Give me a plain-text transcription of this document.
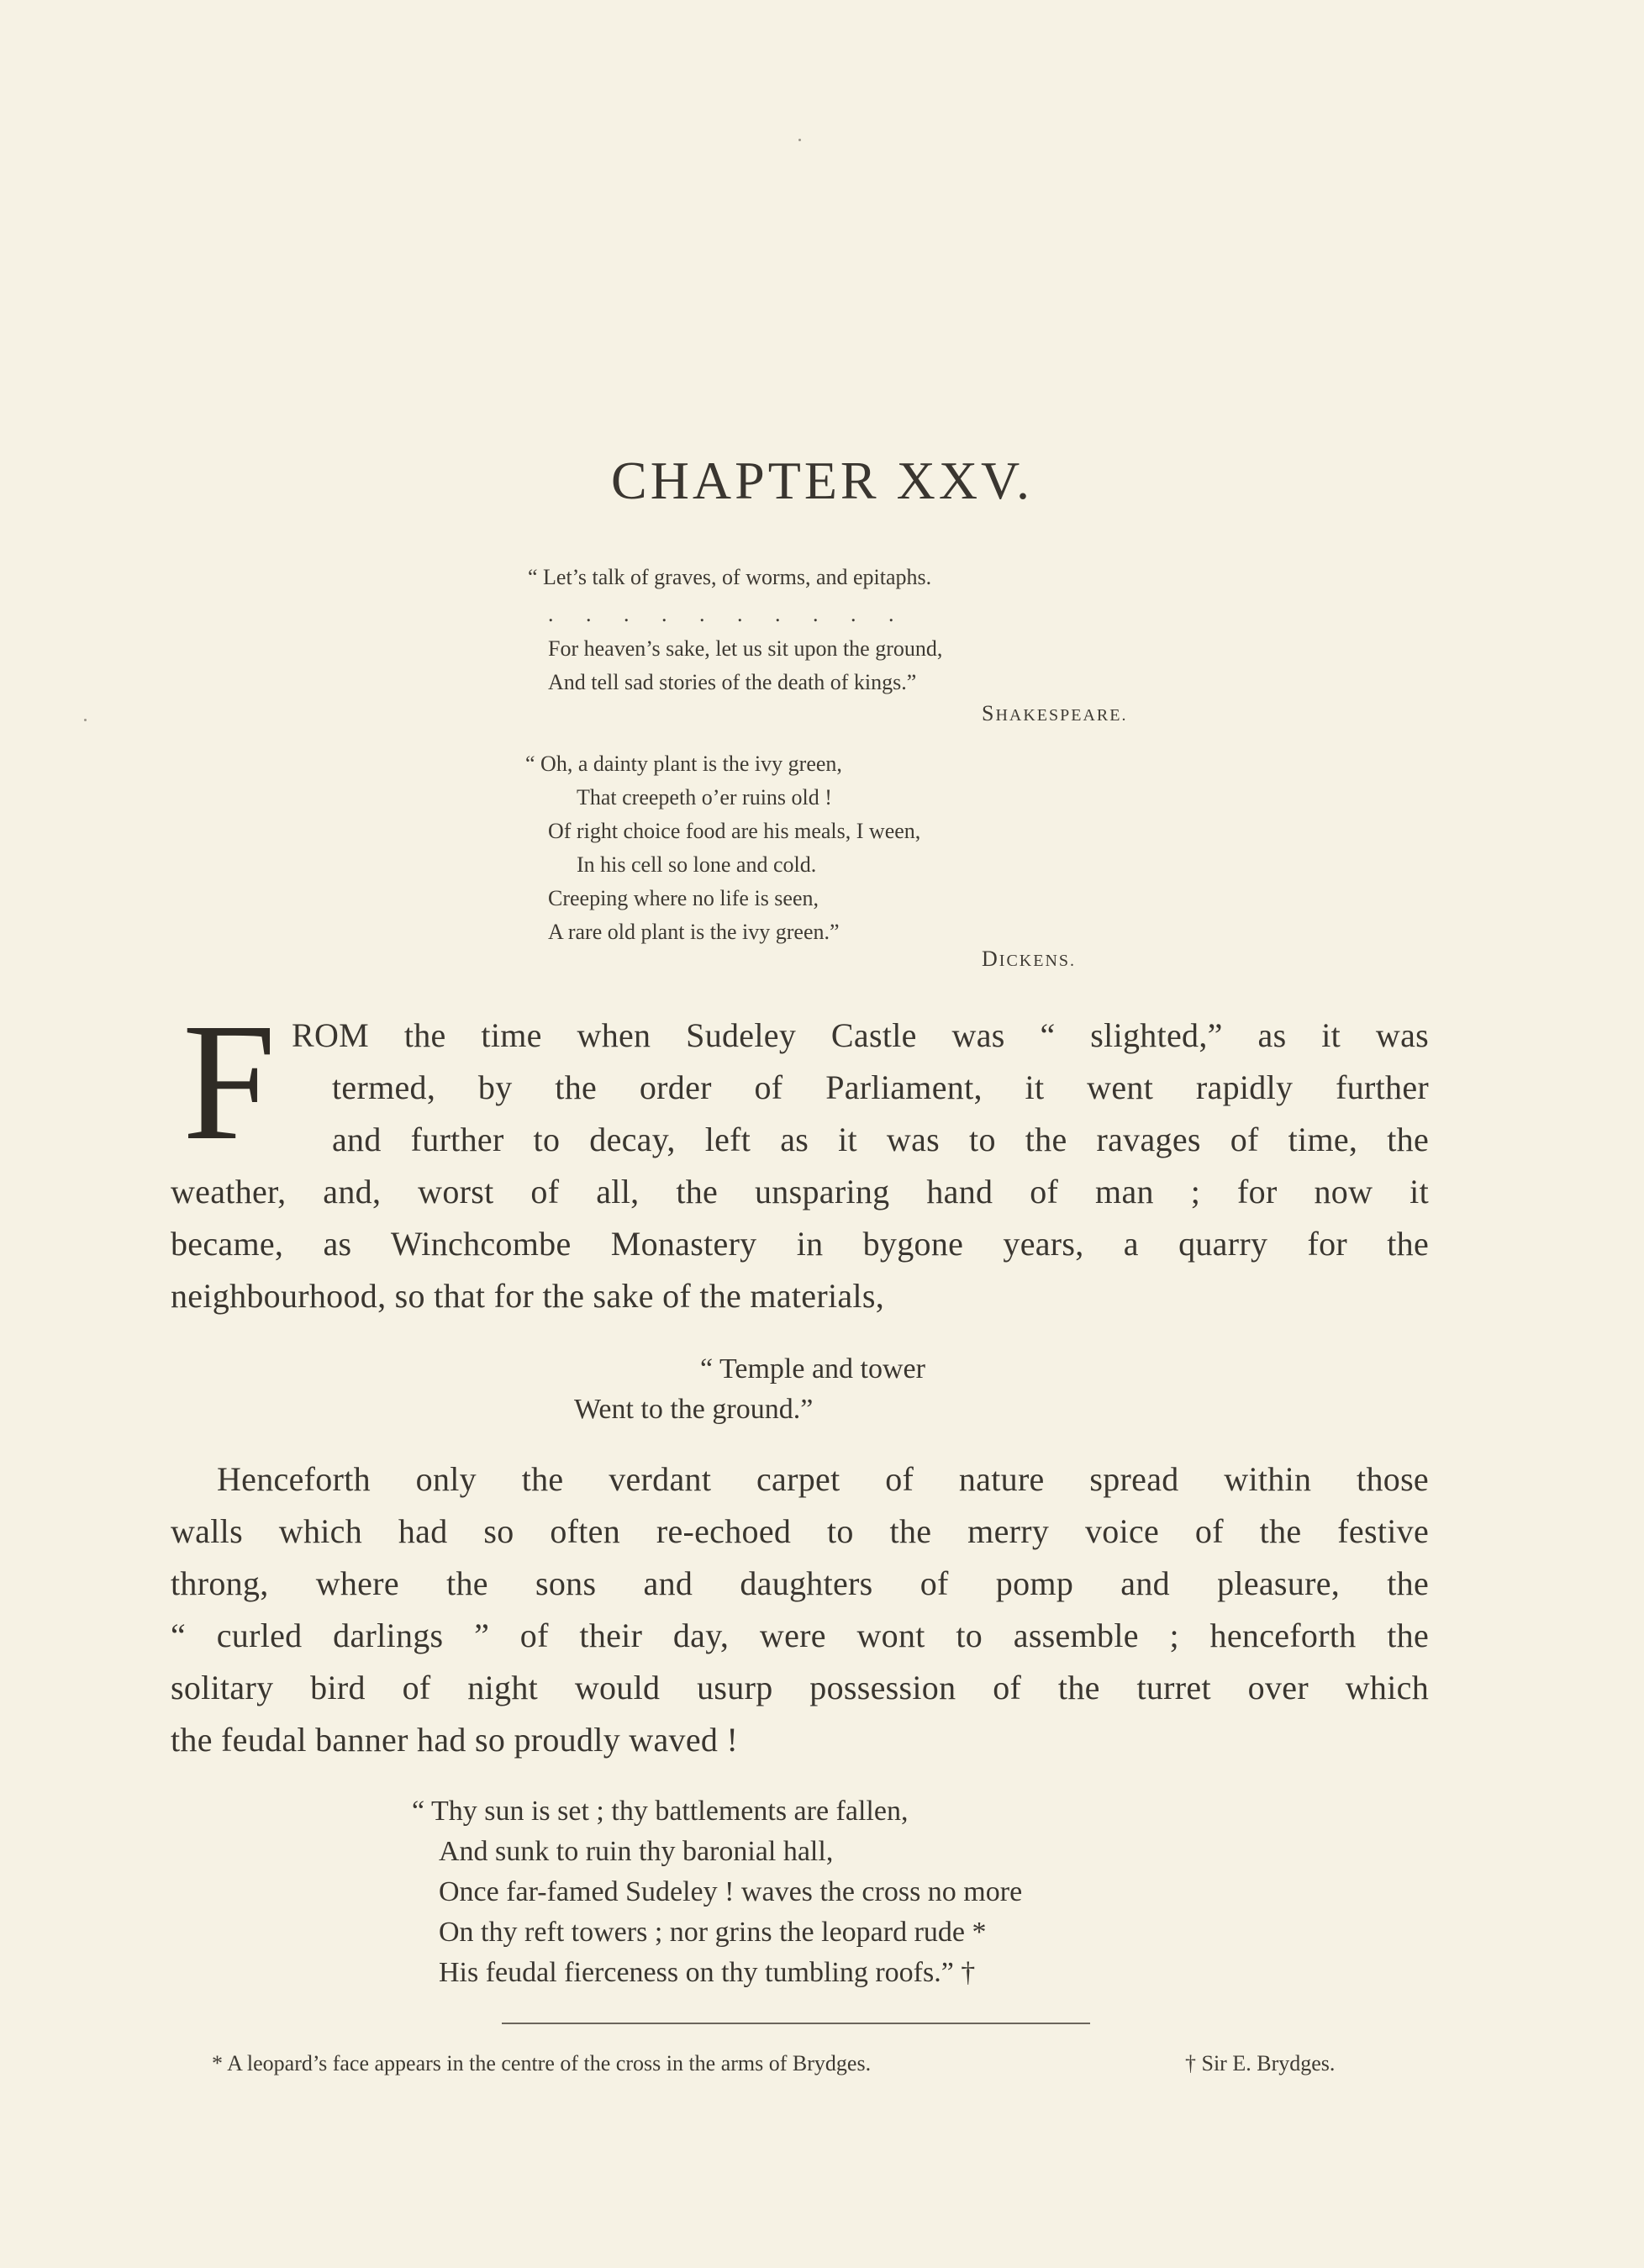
CHAPTER XXV.
“ Let’s talk of graves, of worms, and epitaphs.
. . . . . . . . . .
For heaven’s sake, let us sit upon the ground,
And tell sad stories of the death of kings.”
SHAKESPEARE.
“ Oh, a dainty plant is the ivy green,
That creepeth o’er ruins old !
Of right choice food are his meals, I ween,
In his cell so lone and cold.
Creeping where no life is seen,
A rare old plant is the ivy green.”
DICKENS.
F ROM the time when Sudeley Castle was “ slighted,” as it was
termed, by the order of Parliament, it went rapidly further
and further to decay, left as it was to the ravages of time, the
weather, and, worst of all, the unsparing hand of man ; for now it
became, as Winchcombe Monastery in bygone years, a quarry for the
neighbourhood, so that for the sake of the materials,
“ Temple and tower
Went to the ground.”
Henceforth only the verdant carpet of nature spread within those
walls which had so often re-echoed to the merry voice of the festive
throng, where the sons and daughters of pomp and pleasure, the
“ curled darlings ” of their day, were wont to assemble ; henceforth the
solitary bird of night would usurp possession of the turret over which
the feudal banner had so proudly waved !
“ Thy sun is set ; thy battlements are fallen,
And sunk to ruin thy baronial hall,
Once far-famed Sudeley ! waves the cross no more
On thy reft towers ; nor grins the leopard rude *
His feudal fierceness on thy tumbling roofs.” †
* A leopard’s face appears in the centre of the cross in the arms of Brydges.	† Sir E. Brydges.
